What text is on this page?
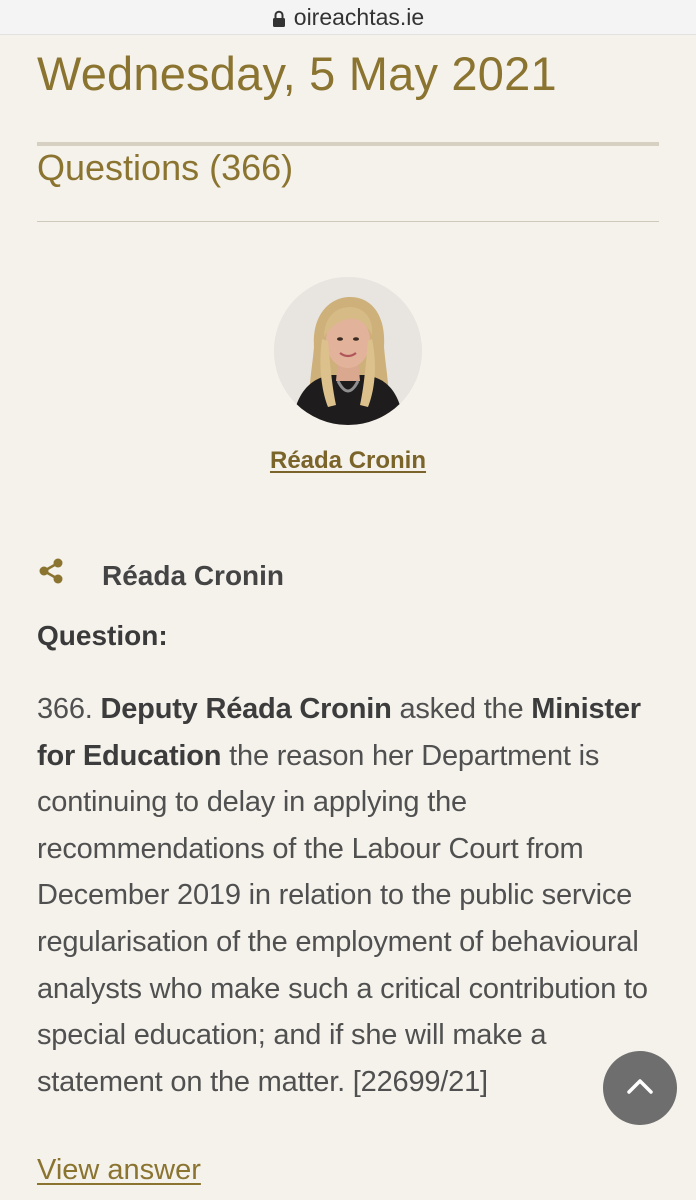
oireachtas.ie
Wednesday, 5 May 2021
Questions (366)
Réada Cronin
Réada Cronin
Question:

366. Deputy Réada Cronin asked the Minister for Education the reason her Department is continuing to delay in applying the recommendations of the Labour Court from December 2019 in relation to the public service regularisation of the employment of behavioural analysts who make such a critical contribution to special education; and if she will make a statement on the matter. [22699/21]

View answer
